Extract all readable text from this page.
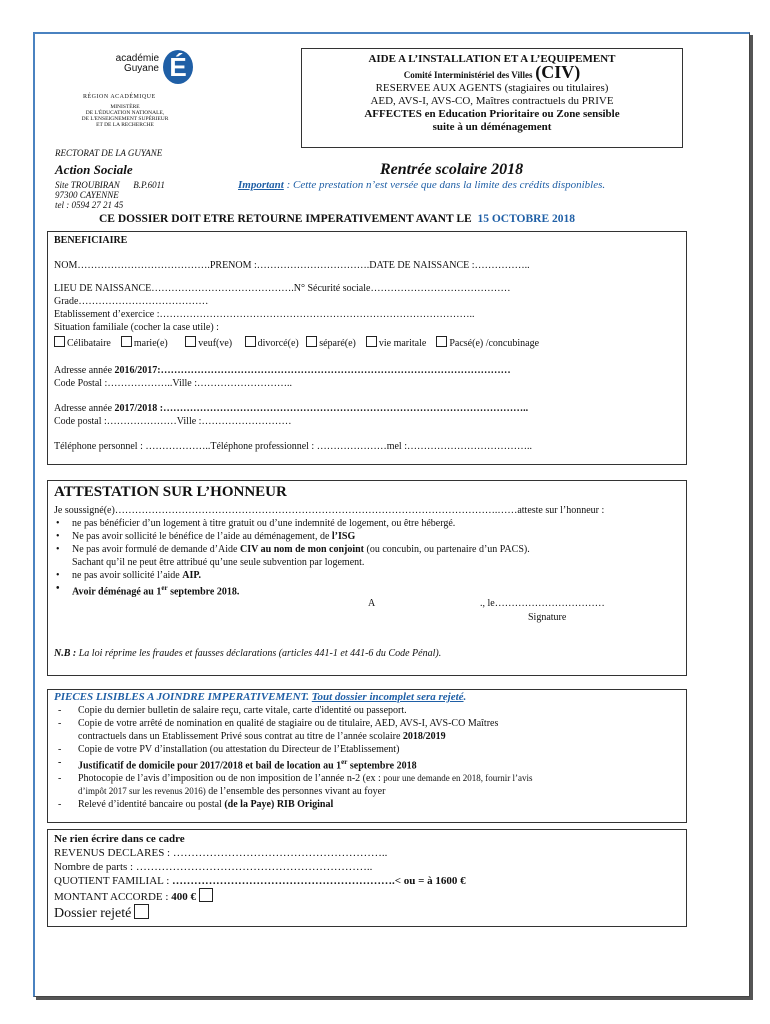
académie
Guyane É
RÉGION ACADÉMIQUE
MINISTÈRE
DE L'ÉDUCATION NATIONALE,
DE L'ENSEIGNEMENT SUPÉRIEUR
ET DE LA RECHERCHE
AIDE A L’INSTALLATION ET A L’EQUIPEMENT
Comité Interministériel des Villes (CIV)
RESERVEE AUX AGENTS (stagiaires ou titulaires)
AED, AVS-I, AVS-CO, Maîtres contractuels du PRIVE
AFFECTES en Education Prioritaire ou Zone sensible
suite à un déménagement
RECTORAT DE LA GUYANE
Action Sociale
Site TROUBIRAN B.P.6011
97300 CAYENNE
tel : 0594 27 21 45
Rentrée scolaire 2018
Important : Cette prestation n’est versée que dans la limite des crédits disponibles.
CE DOSSIER DOIT ETRE RETOURNE IMPERATIVEMENT AVANT LE 15 OCTOBRE 2018
BENEFICIAIRE
NOM………………………………….PRENOM :…………………………….DATE DE NAISSANCE :……………..
LIEU DE NAISSANCE…………………………………….N° Sécurité sociale……………………………………
Grade…………………………………
Etablissement d’exercice :…………………………………………………………………………………..
Situation familiale (cocher la case utile) :
Célibataire marie(e)	veuf(ve)	divorcé(e) séparé(e) vie maritale Pacsé(e) /concubinage
Adresse année 2016/2017:……………………………………………………………………………………………
Code Postal :………………..Ville :………………………..
Adresse année 2017/2018 :………………………………………………………………………………………………..
Code postal :…………………Ville :………………………
Téléphone personnel : ………………..Téléphone professionnel : …………………mel :………………………………..
ATTESTATION SUR L’HONNEUR
Je soussigné(e)…………………………………………………………………………………………………….……atteste sur l’honneur :
• ne pas bénéficier d’un logement à titre gratuit ou d’une indemnité de logement, ou être hébergé.
• Ne pas avoir sollicité le bénéfice de l’aide au déménagement, de l’ISG
• Ne pas avoir formulé de demande d’Aide CIV au nom de mon conjoint (ou concubin, ou partenaire d’un PACS).
Sachant qu’il ne peut être attribué qu’une seule subvention par logement.
• ne pas avoir sollicité l’aide AIP.
• Avoir déménagé au 1er septembre 2018.
A	., le……………………………
Signature
N.B : La loi réprime les fraudes et fausses déclarations (articles 441-1 et 441-6 du Code Pénal).
PIECES LISIBLES A JOINDRE IMPERATIVEMENT. Tout dossier incomplet sera rejeté.
- Copie du dernier bulletin de salaire reçu, carte vitale, carte d'identité ou passeport.
- Copie de votre arrêté de nomination en qualité de stagiaire ou de titulaire, AED, AVS-I, AVS-CO Maîtres
contractuels dans un Etablissement Privé sous contrat au titre de l’année scolaire 2018/2019
- Copie de votre PV d’installation (ou attestation du Directeur de l’Etablissement)
- Justificatif de domicile pour 2017/2018 et bail de location au 1er septembre 2018
- Photocopie de l’avis d’imposition ou de non imposition de l’année n-2 (ex : pour une demande en 2018, fournir l’avis
d’impôt 2017 sur les revenus 2016) de l’ensemble des personnes vivant au foyer
- Relevé d’identité bancaire ou postal (de la Paye) RIB Original
Ne rien écrire dans ce cadre
REVENUS DECLARES : …………………………………………………..
Nombre de parts : ………………………………………………………..
QUOTIENT FAMILIAL : …………………………………………………….< ou = à 1600 €
MONTANT ACCORDE : 400 €
Dossier rejeté
